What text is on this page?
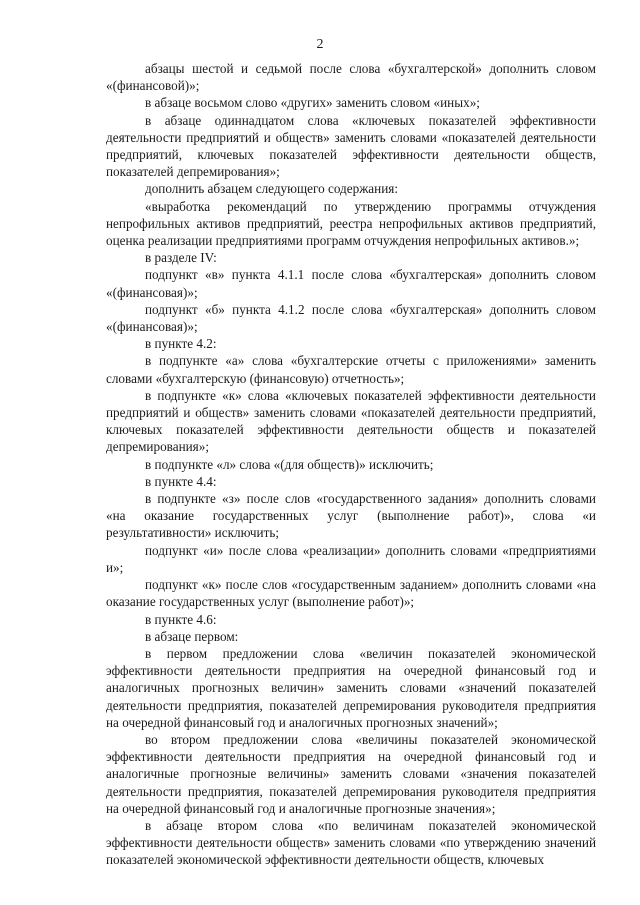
2

абзацы шестой и седьмой после слова «бухгалтерской» дополнить словом «(финансовой)»;

в абзаце восьмом слово «других» заменить словом «иных»;

в абзаце одиннадцатом слова «ключевых показателей эффективности деятельности предприятий и обществ» заменить словами «показателей деятельности предприятий, ключевых показателей эффективности деятельности обществ, показателей депремирования»;

дополнить абзацем следующего содержания:

«выработка рекомендаций по утверждению программы отчуждения непрофильных активов предприятий, реестра непрофильных активов предприятий, оценка реализации предприятиями программ отчуждения непрофильных активов.»;

в разделе IV:

подпункт «в» пункта 4.1.1 после слова «бухгалтерская» дополнить словом «(финансовая)»;

подпункт «б» пункта 4.1.2 после слова «бухгалтерская» дополнить словом «(финансовая)»;

в пункте 4.2:

в подпункте «а» слова «бухгалтерские отчеты с приложениями» заменить словами «бухгалтерскую (финансовую) отчетность»;

в подпункте «к» слова «ключевых показателей эффективности деятельности предприятий и обществ» заменить словами «показателей деятельности предприятий, ключевых показателей эффективности деятельности обществ и показателей депремирования»;

в подпункте «л» слова «(для обществ)» исключить;

в пункте 4.4:

в подпункте «з» после слов «государственного задания» дополнить словами «на оказание государственных услуг (выполнение работ)», слова «и результативности» исключить;

подпункт «и» после слова «реализации» дополнить словами «предприятиями и»;

подпункт «к» после слов «государственным заданием» дополнить словами «на оказание государственных услуг (выполнение работ)»;

в пункте 4.6:

в абзаце первом:

в первом предложении слова «величин показателей экономической эффективности деятельности предприятия на очередной финансовый год и аналогичных прогнозных величин» заменить словами «значений показателей деятельности предприятия, показателей депремирования руководителя предприятия на очередной финансовый год и аналогичных прогнозных значений»;

во втором предложении слова «величины показателей экономической эффективности деятельности предприятия на очередной финансовый год и аналогичные прогнозные величины» заменить словами «значения показателей деятельности предприятия, показателей депремирования руководителя предприятия на очередной финансовый год и аналогичные прогнозные значения»;

в абзаце втором слова «по величинам показателей экономической эффективности деятельности обществ» заменить словами «по утверждению значений показателей экономической эффективности деятельности обществ, ключевых
